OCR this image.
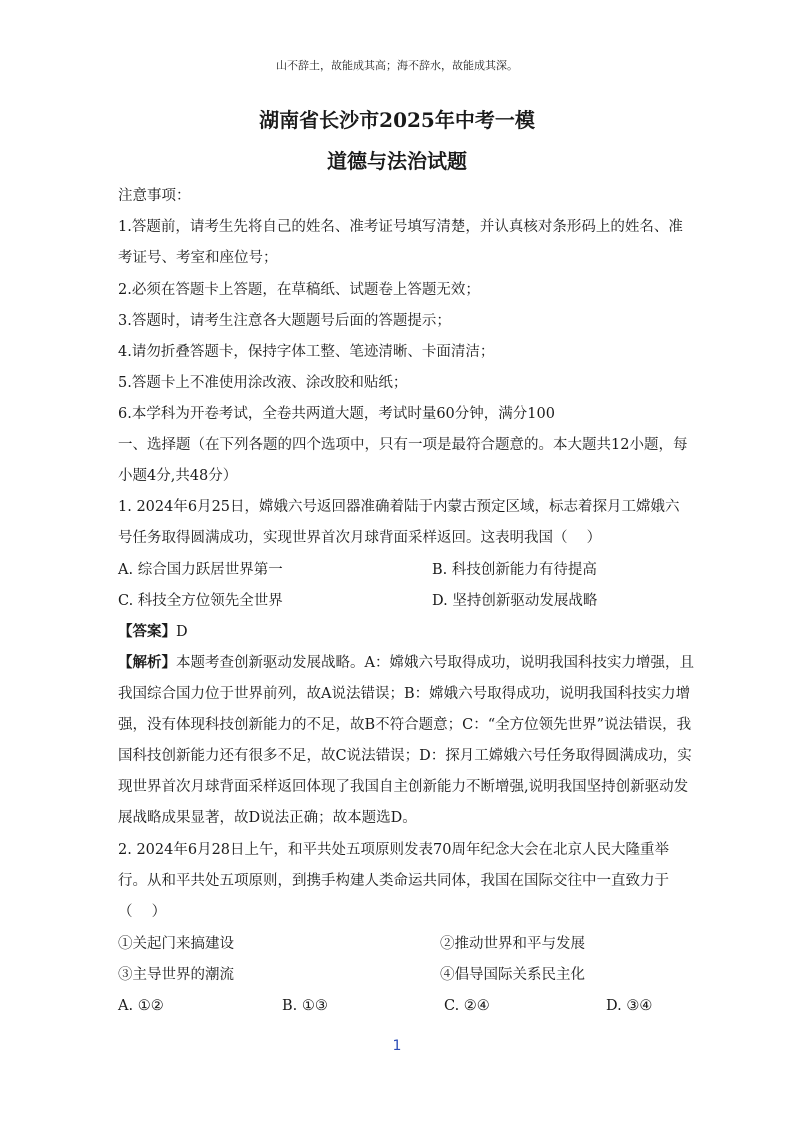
山不辞土，故能成其高；海不辞水，故能成其深。
湖南省长沙市2025年中考一模
道德与法治试题
注意事项：
1.答题前，请考生先将自己的姓名、准考证号填写清楚，并认真核对条形码上的姓名、准
考证号、考室和座位号；
2.必须在答题卡上答题，在草稿纸、试题卷上答题无效；
3.答题时，请考生注意各大题题号后面的答题提示；
4.请勿折叠答题卡，保持字体工整、笔迹清晰、卡面清洁；
5.答题卡上不准使用涂改液、涂改胶和贴纸；
6.本学科为开卷考试，全卷共两道大题，考试时量60分钟，满分100
一、选择题（在下列各题的四个选项中，只有一项是最符合题意的。本大题共12小题，每
小题4分,共48分）
1. 2024年6月25日，嫦娥六号返回器准确着陆于内蒙古预定区域，标志着探月工嫦娥六
号任务取得圆满成功，实现世界首次月球背面采样返回。这表明我国（　 ）
A. 综合国力跃居世界第一	B. 科技创新能力有待提高
C. 科技全方位领先全世界	D. 坚持创新驱动发展战略
【答案】D
【解析】本题考查创新驱动发展战略。A：嫦娥六号取得成功，说明我国科技实力增强，且
我国综合国力位于世界前列，故A说法错误；B：嫦娥六号取得成功，说明我国科技实力增
强，没有体现科技创新能力的不足，故B不符合题意；C：“全方位领先世界”说法错误，我
国科技创新能力还有很多不足，故C说法错误；D：探月工嫦娥六号任务取得圆满成功，实
现世界首次月球背面采样返回体现了我国自主创新能力不断增强,说明我国坚持创新驱动发
展战略成果显著，故D说法正确；故本题选D。
2. 2024年6月28日上午，和平共处五项原则发表70周年纪念大会在北京人民大隆重举
行。从和平共处五项原则，到携手构建人类命运共同体，我国在国际交往中一直致力于
（　 ）
①关起门来搞建设	②推动世界和平与发展
③主导世界的潮流	④倡导国际关系民主化
A. ①②	B. ①③	C. ②④	D. ③④
1
